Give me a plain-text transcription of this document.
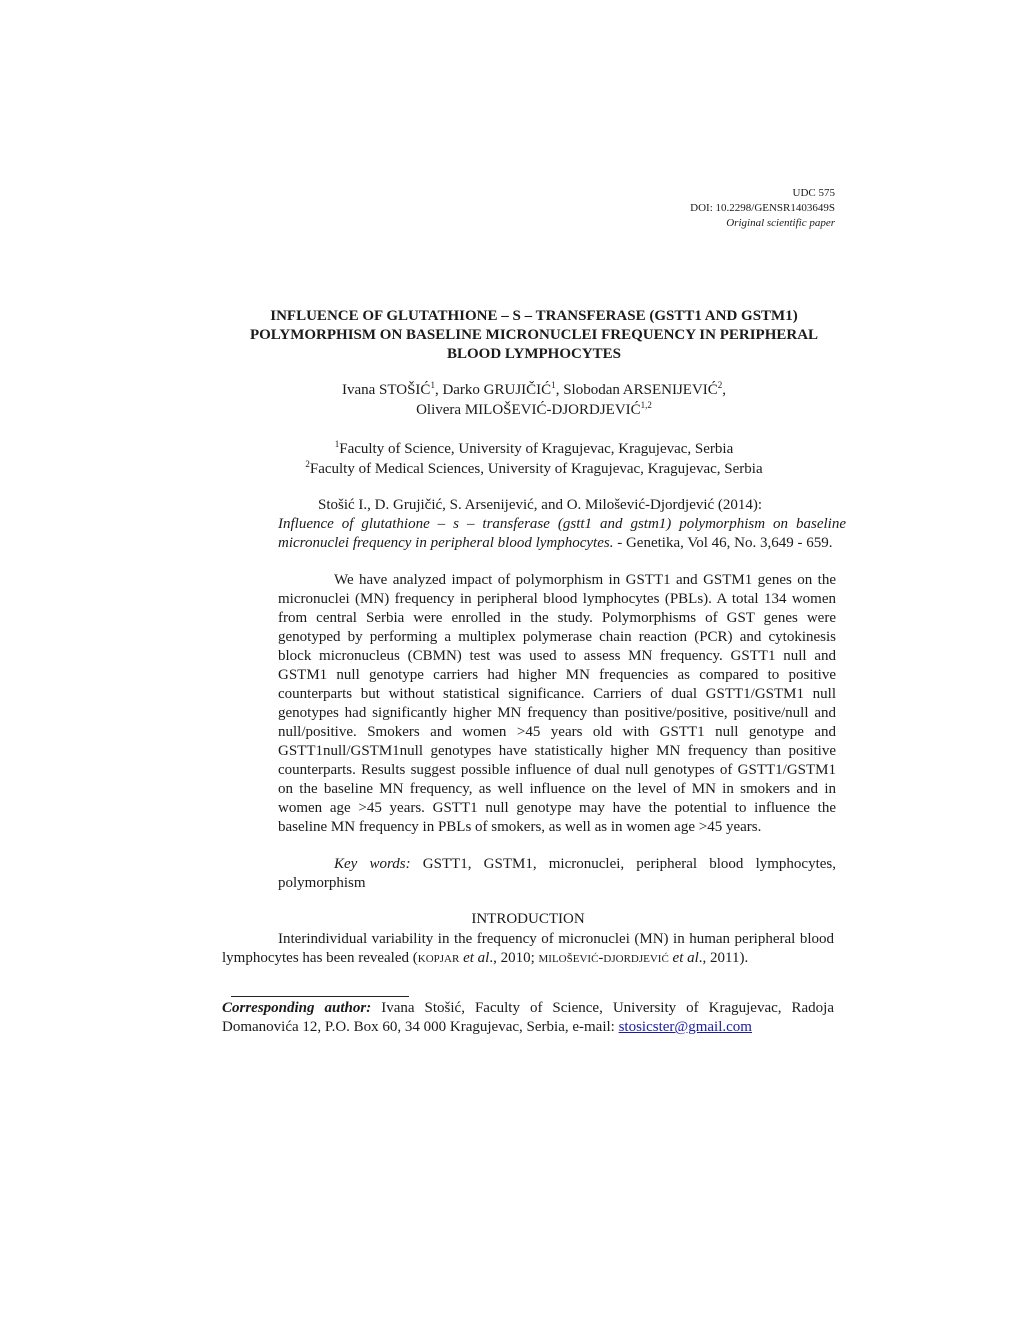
UDC 575
DOI: 10.2298/GENSR1403649S
Original scientific paper
INFLUENCE OF GLUTATHIONE – S – TRANSFERASE (GSTT1 AND GSTM1)
POLYMORPHISM ON BASELINE MICRONUCLEI FREQUENCY IN PERIPHERAL
BLOOD LYMPHOCYTES
Ivana STOŠIĆ$^1$, Darko GRUJIČIĆ$^1$, Slobodan ARSENIJEVIĆ$^2$,
Olivera MILOŠEVIĆ-DJORDJEVIĆ$^{1,2}$
$^1$Faculty of Science, University of Kragujevac, Kragujevac, Serbia
$^2$Faculty of Medical Sciences, University of Kragujevac, Kragujevac, Serbia
Stošić I., D. Grujičić, S. Arsenijević, and O. Milošević-Djordjević (2014):
Influence of glutathione – s – transferase (gstt1 and gstm1) polymorphism on baseline micronuclei frequency in peripheral blood lymphocytes. - Genetika, Vol 46, No. 3,649 - 659.

We have analyzed impact of polymorphism in GSTT1 and GSTM1 genes on the micronuclei (MN) frequency in peripheral blood lymphocytes (PBLs). A total 134 women from central Serbia were enrolled in the study. Polymorphisms of GST genes were genotyped by performing a multiplex polymerase chain reaction (PCR) and cytokinesis block micronucleus (CBMN) test was used to assess MN frequency. GSTT1 null and GSTM1 null genotype carriers had higher MN frequencies as compared to positive counterparts but without statistical significance. Carriers of dual GSTT1/GSTM1 null genotypes had significantly higher MN frequency than positive/positive, positive/null and null/positive. Smokers and women >45 years old with GSTT1 null genotype and GSTT1null/GSTM1null genotypes have statistically higher MN frequency than positive counterparts. Results suggest possible influence of dual null genotypes of GSTT1/GSTM1 on the baseline MN frequency, as well influence on the level of MN in smokers and in women age >45 years. GSTT1 null genotype may have the potential to influence the baseline MN frequency in PBLs of smokers, as well as in women age >45 years.

Key words: GSTT1, GSTM1, micronuclei, peripheral blood lymphocytes, polymorphism

INTRODUCTION

Interindividual variability in the frequency of micronuclei (MN) in human peripheral blood lymphocytes has been revealed (kopjar et al., 2010; milošević-djordjević et al., 2011).

Corresponding author: Ivana Stošić, Faculty of Science, University of Kragujevac, Radoja Domanovića 12, P.O. Box 60, 34 000 Kragujevac, Serbia, e-mail: stosicster@gmail.com
